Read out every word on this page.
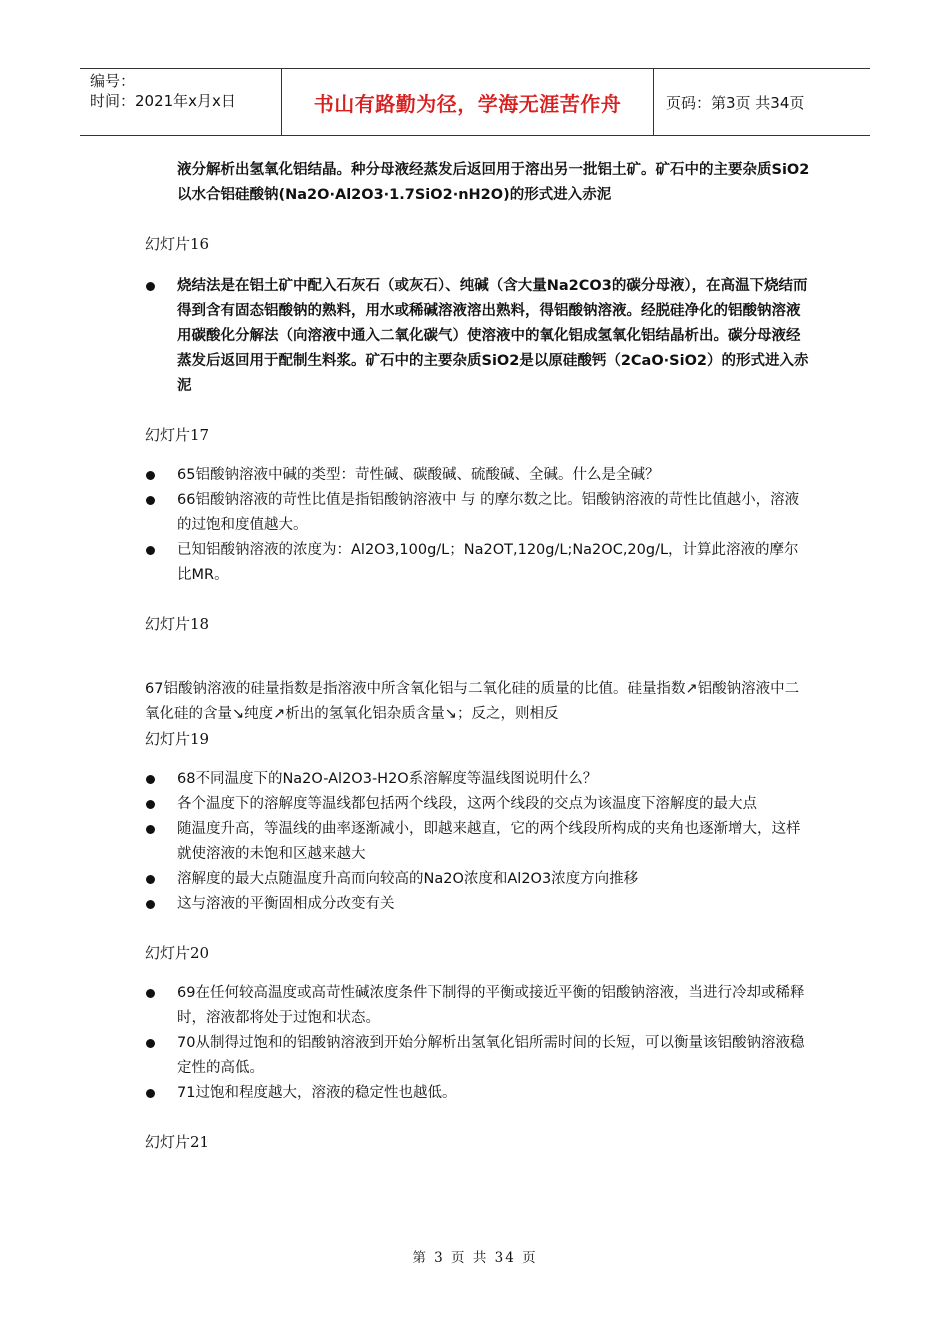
编号：
时间：2021年x月x日	书山有路勤为径，学海无涯苦作舟	页码：第3页 共34页

液分解析出氢氧化铝结晶。种分母液经蒸发后返回用于溶出另一批铝土矿。矿石中的主要杂质SiO2以水合铝硅酸钠(Na2O·Al2O3·1.7SiO2·nH2O)的形式进入赤泥

幻灯片16

烧结法是在铝土矿中配入石灰石（或灰石）、纯碱（含大量Na2CO3的碳分母液），在高温下烧结而得到含有固态铝酸钠的熟料，用水或稀碱溶液溶出熟料，得铝酸钠溶液。经脱硅净化的铝酸钠溶液用碳酸化分解法（向溶液中通入二氧化碳气）使溶液中的氧化铝成氢氧化铝结晶析出。碳分母液经蒸发后返回用于配制生料浆。矿石中的主要杂质SiO2是以原硅酸钙（2CaO·SiO2）的形式进入赤泥

幻灯片17

65铝酸钠溶液中碱的类型：苛性碱、碳酸碱、硫酸碱、全碱。什么是全碱？
66铝酸钠溶液的苛性比值是指铝酸钠溶液中 与 的摩尔数之比。铝酸钠溶液的苛性比值越小，溶液的过饱和度值越大。
已知铝酸钠溶液的浓度为：Al2O3,100g/L；Na2OT,120g/L;Na2OC,20g/L，计算此溶液的摩尔比MR。

幻灯片18

67铝酸钠溶液的硅量指数是指溶液中所含氧化铝与二氧化硅的质量的比值。硅量指数↗铝酸钠溶液中二氧化硅的含量↘纯度↗析出的氢氧化铝杂质含量↘；反之，则相反

幻灯片19

68不同温度下的Na2O-Al2O3-H2O系溶解度等温线图说明什么？
各个温度下的溶解度等温线都包括两个线段，这两个线段的交点为该温度下溶解度的最大点
随温度升高，等温线的曲率逐渐减小，即越来越直，它的两个线段所构成的夹角也逐渐增大，这样就使溶液的未饱和区越来越大
溶解度的最大点随温度升高而向较高的Na2O浓度和Al2O3浓度方向推移
这与溶液的平衡固相成分改变有关

幻灯片20

69在任何较高温度或高苛性碱浓度条件下制得的平衡或接近平衡的铝酸钠溶液，当进行冷却或稀释时，溶液都将处于过饱和状态。
70从制得过饱和的铝酸钠溶液到开始分解析出氢氧化铝所需时间的长短，可以衡量该铝酸钠溶液稳定性的高低。
71过饱和程度越大，溶液的稳定性也越低。

幻灯片21

第 3 页 共 34 页
